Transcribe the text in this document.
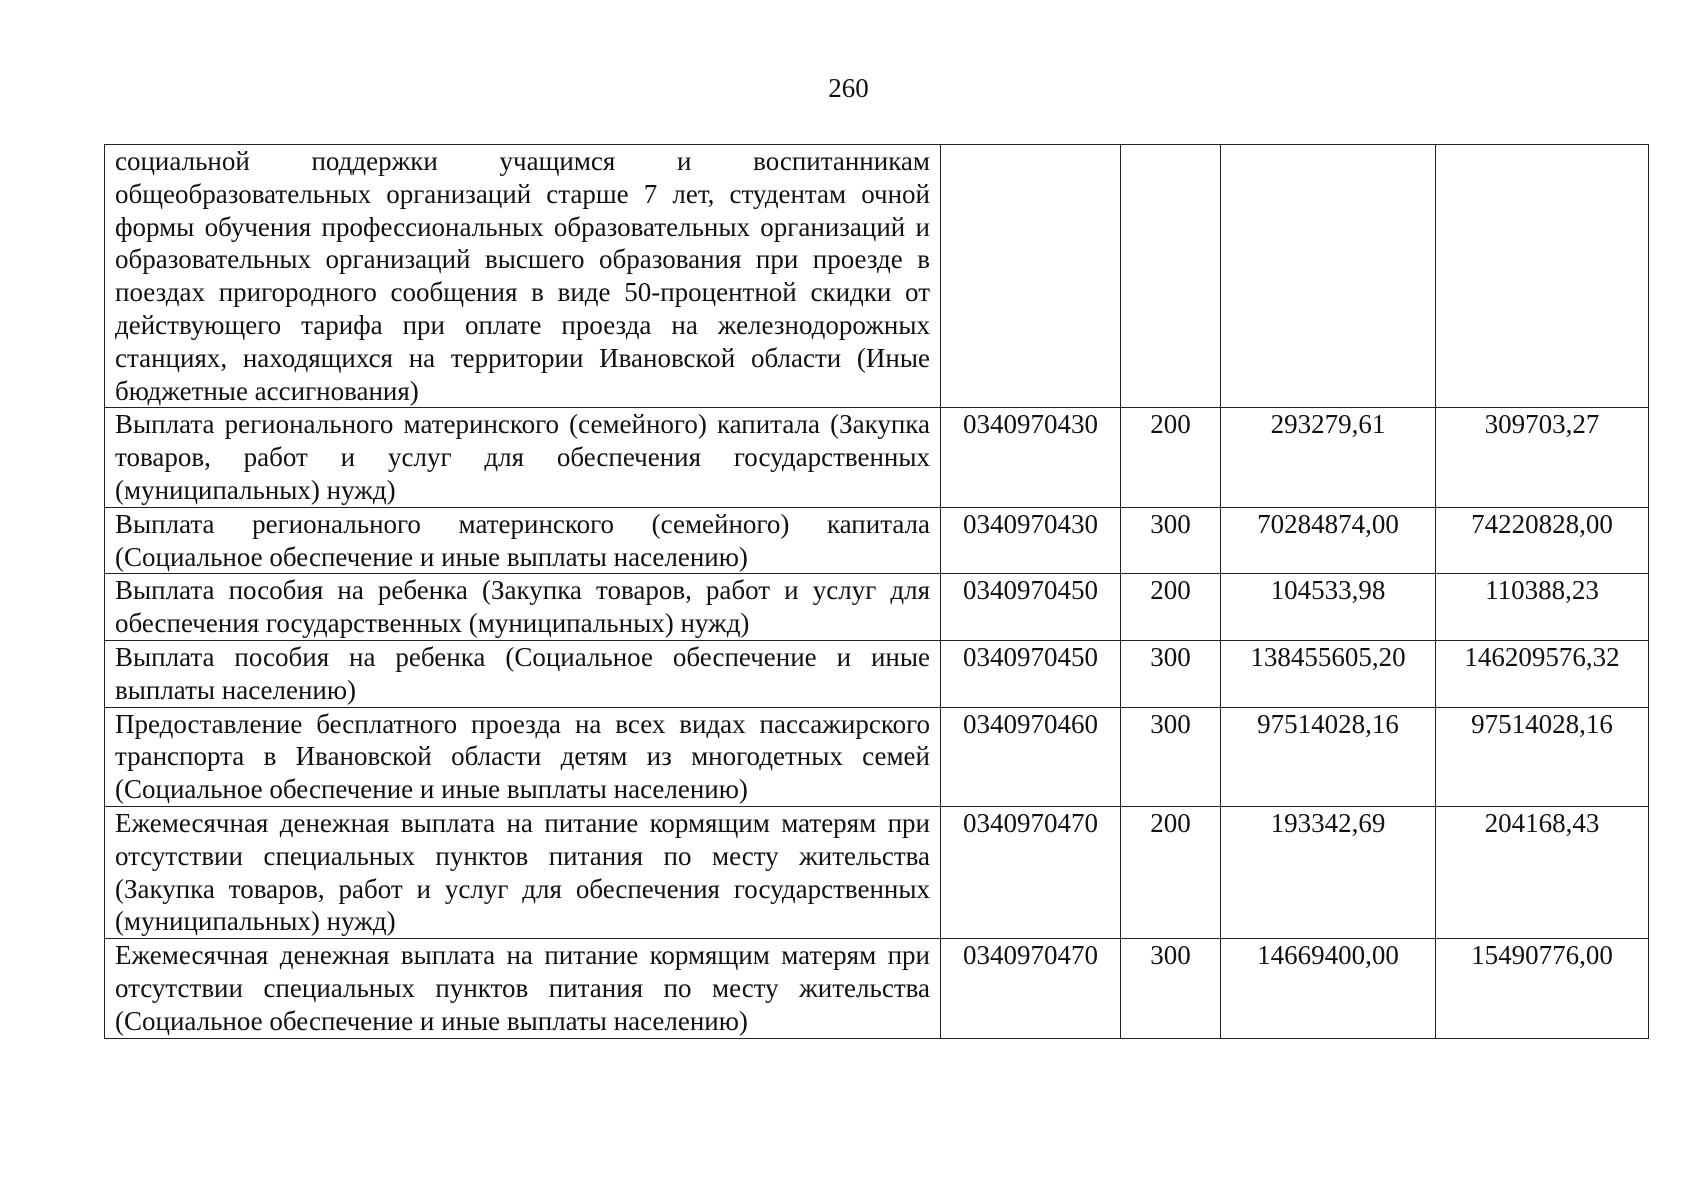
260
социальной поддержки учащимся и воспитанникам общеобразовательных организаций старше 7 лет, студентам очной формы обучения профессиональных образовательных организаций и образовательных организаций высшего образования при проезде в поездах пригородного сообщения в виде 50-процентной скидки от действующего тарифа при оплате проезда на железнодорожных станциях, находящихся на территории Ивановской области (Иные бюджетные ассигнования)				
Выплата регионального материнского (семейного) капитала (Закупка товаров, работ и услуг для обеспечения государственных (муниципальных) нужд)	0340970430	200	293279,61	309703,27
Выплата регионального материнского (семейного) капитала (Социальное обеспечение и иные выплаты населению)	0340970430	300	70284874,00	74220828,00
Выплата пособия на ребенка (Закупка товаров, работ и услуг для обеспечения государственных (муниципальных) нужд)	0340970450	200	104533,98	110388,23
Выплата пособия на ребенка (Социальное обеспечение и иные выплаты населению)	0340970450	300	138455605,20	146209576,32
Предоставление бесплатного проезда на всех видах пассажирского транспорта в Ивановской области детям из многодетных семей (Социальное обеспечение и иные выплаты населению)	0340970460	300	97514028,16	97514028,16
Ежемесячная денежная выплата на питание кормящим матерям при отсутствии специальных пунктов питания по месту жительства (Закупка товаров, работ и услуг для обеспечения государственных (муниципальных) нужд)	0340970470	200	193342,69	204168,43
Ежемесячная денежная выплата на питание кормящим матерям при отсутствии специальных пунктов питания по месту жительства (Социальное обеспечение и иные выплаты населению)	0340970470	300	14669400,00	15490776,00
